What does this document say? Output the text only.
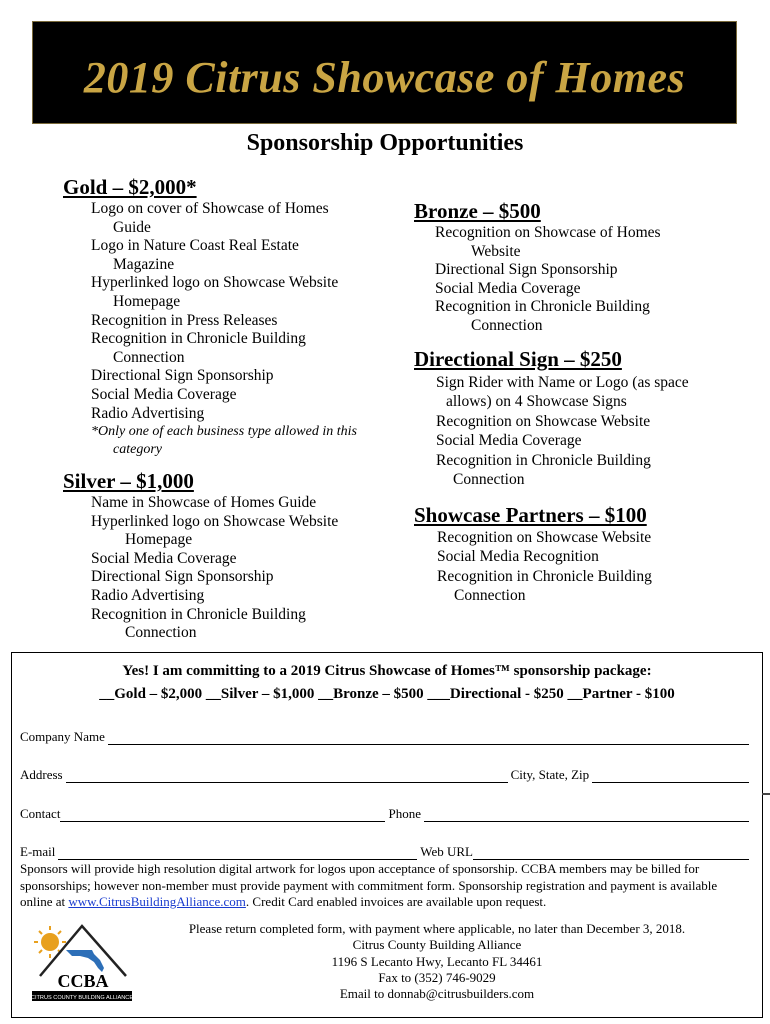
2019 Citrus Showcase of Homes
Sponsorship Opportunities
Gold – $2,000*
Logo on cover of Showcase of Homes Guide
Logo in Nature Coast Real Estate Magazine
Hyperlinked logo on Showcase Website Homepage
Recognition in Press Releases
Recognition in Chronicle Building Connection
Directional Sign Sponsorship
Social Media Coverage
Radio Advertising
*Only one of each business type allowed in this category
Silver – $1,000
Name in Showcase of Homes Guide
Hyperlinked logo on Showcase Website Homepage
Social Media Coverage
Directional Sign Sponsorship
Radio Advertising
Recognition in Chronicle Building Connection
Bronze – $500
Recognition on Showcase of Homes Website
Directional Sign Sponsorship
Social Media Coverage
Recognition in Chronicle Building Connection
Directional Sign – $250
Sign Rider with Name or Logo (as space allows) on 4 Showcase Signs
Recognition on Showcase Website
Social Media Coverage
Recognition in Chronicle Building Connection
Showcase Partners – $100
Recognition on Showcase Website
Social Media Recognition
Recognition in Chronicle Building Connection
Yes! I am committing to a 2019 Citrus Showcase of Homes™ sponsorship package:
__Gold – $2,000 __Silver – $1,000 __Bronze – $500 ___Directional - $250 __Partner - $100
Company Name
Address	City, State, Zip
Contact	Phone
E-mail	Web URL
Sponsors will provide high resolution digital artwork for logos upon acceptance of sponsorship. CCBA members may be billed for sponsorships; however non-member must provide payment with commitment form. Sponsorship registration and payment is available online at www.CitrusBuildingAlliance.com. Credit Card enabled invoices are available upon request.
CCBA
CITRUS COUNTY BUILDING ALLIANCE
Please return completed form, with payment where applicable, no later than December 3, 2018.
Citrus County Building Alliance
1196 S Lecanto Hwy, Lecanto FL 34461
Fax to (352) 746-9029
Email to donnab@citrusbuilders.com
